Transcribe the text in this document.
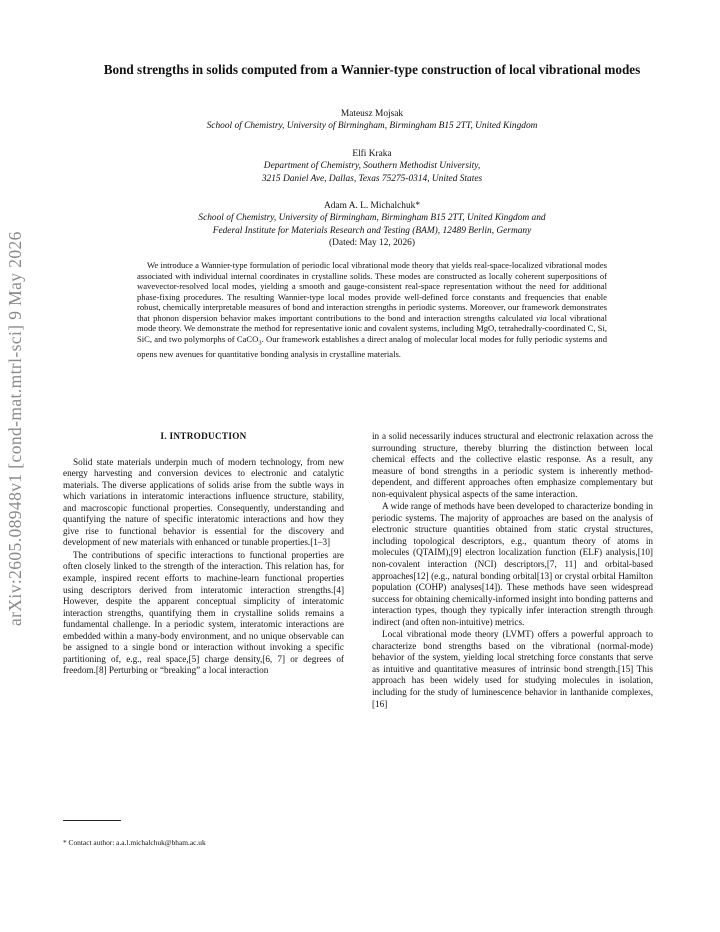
arXiv:2605.08948v1 [cond-mat.mtrl-sci] 9 May 2026
Bond strengths in solids computed from a Wannier-type construction of local vibrational modes
Mateusz Mojsak
School of Chemistry, University of Birmingham, Birmingham B15 2TT, United Kingdom
Elfi Kraka
Department of Chemistry, Southern Methodist University,
3215 Daniel Ave, Dallas, Texas 75275-0314, United States
Adam A. L. Michalchuk*
School of Chemistry, University of Birmingham, Birmingham B15 2TT, United Kingdom and
Federal Institute for Materials Research and Testing (BAM), 12489 Berlin, Germany
(Dated: May 12, 2026)

We introduce a Wannier-type formulation of periodic local vibrational mode theory that yields real-space-localized vibrational modes associated with individual internal coordinates in crystalline solids. These modes are constructed as locally coherent superpositions of wavevector-resolved local modes, yielding a smooth and gauge-consistent real-space representation without the need for additional phase-fixing procedures. The resulting Wannier-type local modes provide well-defined force constants and frequencies that enable robust, chemically interpretable measures of bond and interaction strengths in periodic systems. Moreover, our framework demonstrates that phonon dispersion behavior makes important contributions to the bond and interaction strengths calculated via local vibrational mode theory. We demonstrate the method for representative ionic and covalent systems, including MgO, tetrahedrally-coordinated C, Si, SiC, and two polymorphs of CaCO$_3$. Our framework establishes a direct analog of molecular local modes for fully periodic systems and opens new avenues for quantitative bonding analysis in crystalline materials.

I. INTRODUCTION

Solid state materials underpin much of modern technology, from new energy harvesting and conversion devices to electronic and catalytic materials. The diverse applications of solids arise from the subtle ways in which variations in interatomic interactions influence structure, stability, and macroscopic functional properties. Consequently, understanding and quantifying the nature of specific interatomic interactions and how they give rise to functional behavior is essential for the discovery and development of new materials with enhanced or tunable properties.[1–3]

The contributions of specific interactions to functional properties are often closely linked to the strength of the interaction. This relation has, for example, inspired recent efforts to machine-learn functional properties using descriptors derived from interatomic interaction strengths.[4] However, despite the apparent conceptual simplicity of interatomic interaction strengths, quantifying them in crystalline solids remains a fundamental challenge. In a periodic system, interatomic interactions are embedded within a many-body environment, and no unique observable can be assigned to a single bond or interaction without invoking a specific partitioning of, e.g., real space,[5] charge density,[6, 7] or degrees of freedom.[8] Perturbing or “breaking” a local interaction

in a solid necessarily induces structural and electronic relaxation across the surrounding structure, thereby blurring the distinction between local chemical effects and the collective elastic response. As a result, any measure of bond strengths in a periodic system is inherently method-dependent, and different approaches often emphasize complementary but non-equivalent physical aspects of the same interaction.

A wide range of methods have been developed to characterize bonding in periodic systems. The majority of approaches are based on the analysis of electronic structure quantities obtained from static crystal structures, including topological descriptors, e.g., quantum theory of atoms in molecules (QTAIM),[9] electron localization function (ELF) analysis,[10] non-covalent interaction (NCI) descriptors,[7, 11] and orbital-based approaches[12] (e.g., natural bonding orbital[13] or crystal orbital Hamilton population (COHP) analyses[14]). These methods have seen widespread success for obtaining chemically-informed insight into bonding patterns and interaction types, though they typically infer interaction strength through indirect (and often non-intuitive) metrics.

Local vibrational mode theory (LVMT) offers a powerful approach to characterize bond strengths based on the vibrational (normal-mode) behavior of the system, yielding local stretching force constants that serve as intuitive and quantitative measures of intrinsic bond strength.[15] This approach has been widely used for studying molecules in isolation, including for the study of luminescence behavior in lanthanide complexes,[16]

* Contact author: a.a.l.michalchuk@bham.ac.uk
